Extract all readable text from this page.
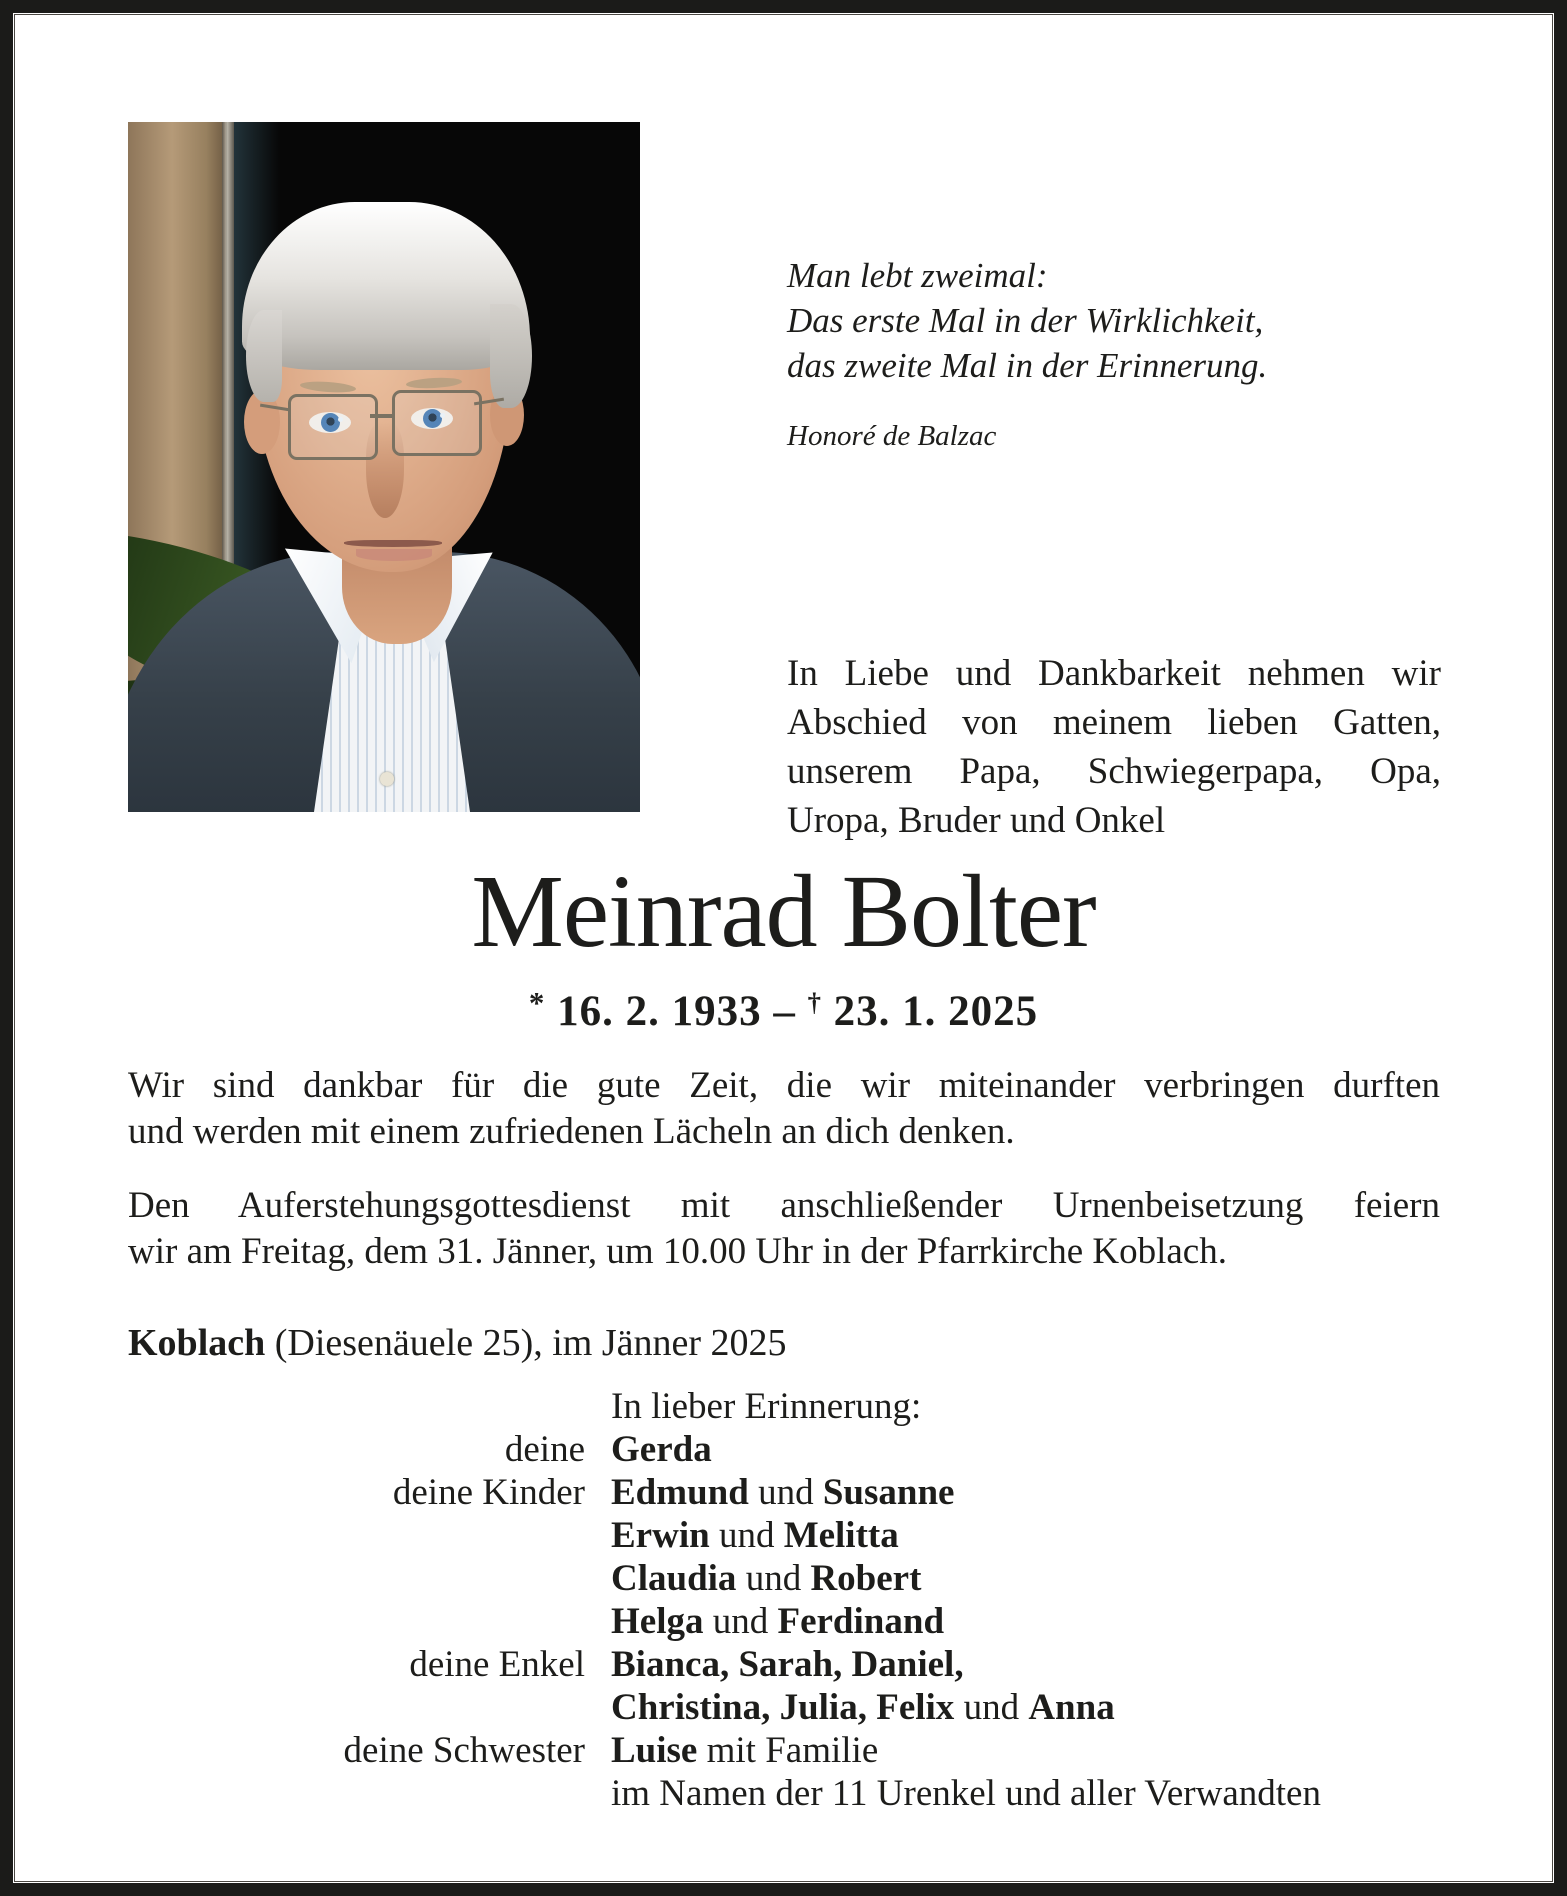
Man lebt zweimal:
Das erste Mal in der Wirklichkeit,
das zweite Mal in der Erinnerung.
Honoré de Balzac
In Liebe und Dankbarkeit nehmen wir
Abschied von meinem lieben Gatten,
unserem Papa, Schwiegerpapa, Opa,
Uropa, Bruder und Onkel
Meinrad Bolter
* 16. 2. 1933 – † 23. 1. 2025
Wir sind dankbar für die gute Zeit, die wir miteinander verbringen durften
und werden mit einem zufriedenen Lächeln an dich denken.
Den Auferstehungsgottesdienst mit anschließender Urnenbeisetzung feiern
wir am Freitag, dem 31. Jänner, um 10.00 Uhr in der Pfarrkirche Koblach.
Koblach (Diesenäuele 25), im Jänner 2025
In lieber Erinnerung:
deine Gerda
deine Kinder Edmund und Susanne
Erwin und Melitta
Claudia und Robert
Helga und Ferdinand
deine Enkel Bianca, Sarah, Daniel,
Christina, Julia, Felix und Anna
deine Schwester Luise mit Familie
im Namen der 11 Urenkel und aller Verwandten
